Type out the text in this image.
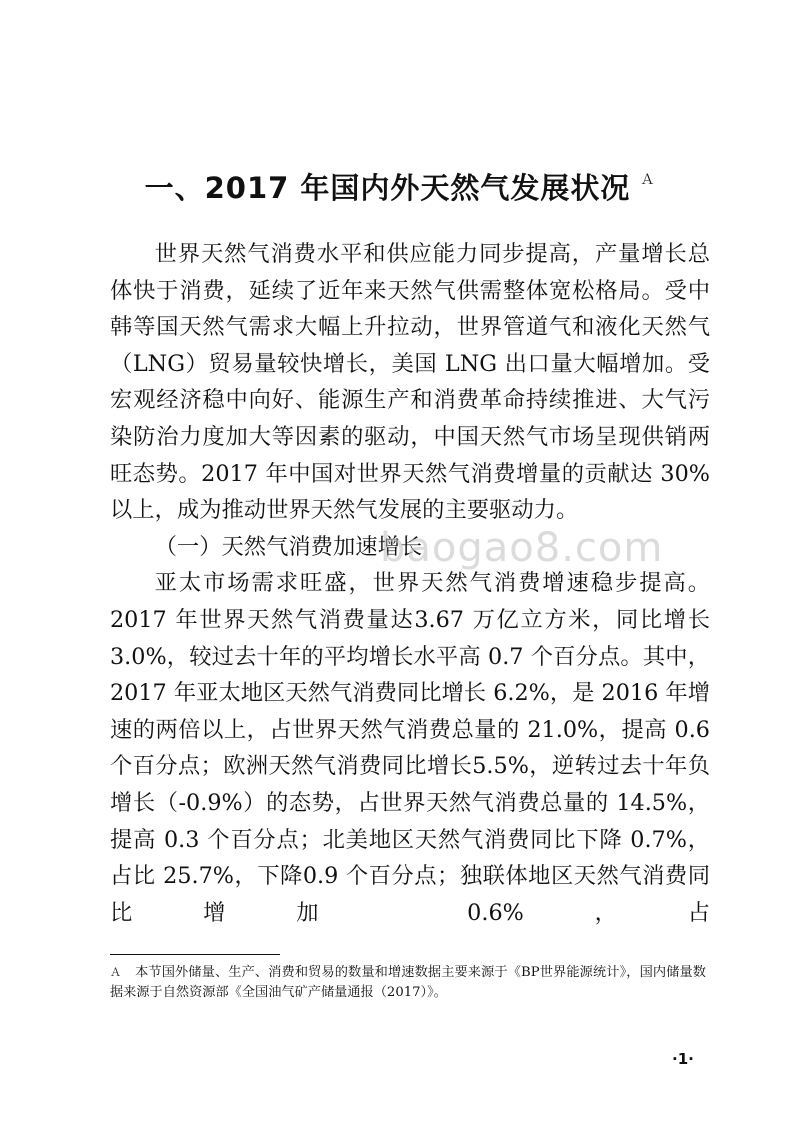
一、2017 年国内外天然气发展状况 $^A$

世界天然气消费水平和供应能力同步提高，产量增长总体快于消费，延续了近年来天然气供需整体宽松格局。受中韩等国天然气需求大幅上升拉动，世界管道气和液化天然气（LNG）贸易量较快增长，美国 LNG 出口量大幅增加。受宏观经济稳中向好、能源生产和消费革命持续推进、大气污染防治力度加大等因素的驱动，中国天然气市场呈现供销两旺态势。2017 年中国对世界天然气消费增量的贡献达 30% 以上，成为推动世界天然气发展的主要驱动力。

（一）天然气消费加速增长

亚太市场需求旺盛，世界天然气消费增速稳步提高。2017 年世界天然气消费量达3.67 万亿立方米，同比增长 3.0%，较过去十年的平均增长水平高 0.7 个百分点。其中，2017 年亚太地区天然气消费同比增长 6.2%，是 2016 年增速的两倍以上，占世界天然气消费总量的 21.0%，提高 0.6 个百分点；欧洲天然气消费同比增长5.5%，逆转过去十年负增长（-0.9%）的态势，占世界天然气消费总量的 14.5%，提高 0.3 个百分点；北美地区天然气消费同比下降 0.7%，占比 25.7%，下降0.9 个百分点；独联体地区天然气消费同比增加 0.6%，占

baogao8.com
Ａ 本节国外储量、生产、消费和贸易的数量和增速数据主要来源于《BP世界能源统计》，国内储量数据来源于自然资源部《全国油气矿产储量通报（2017）》。
·1·
